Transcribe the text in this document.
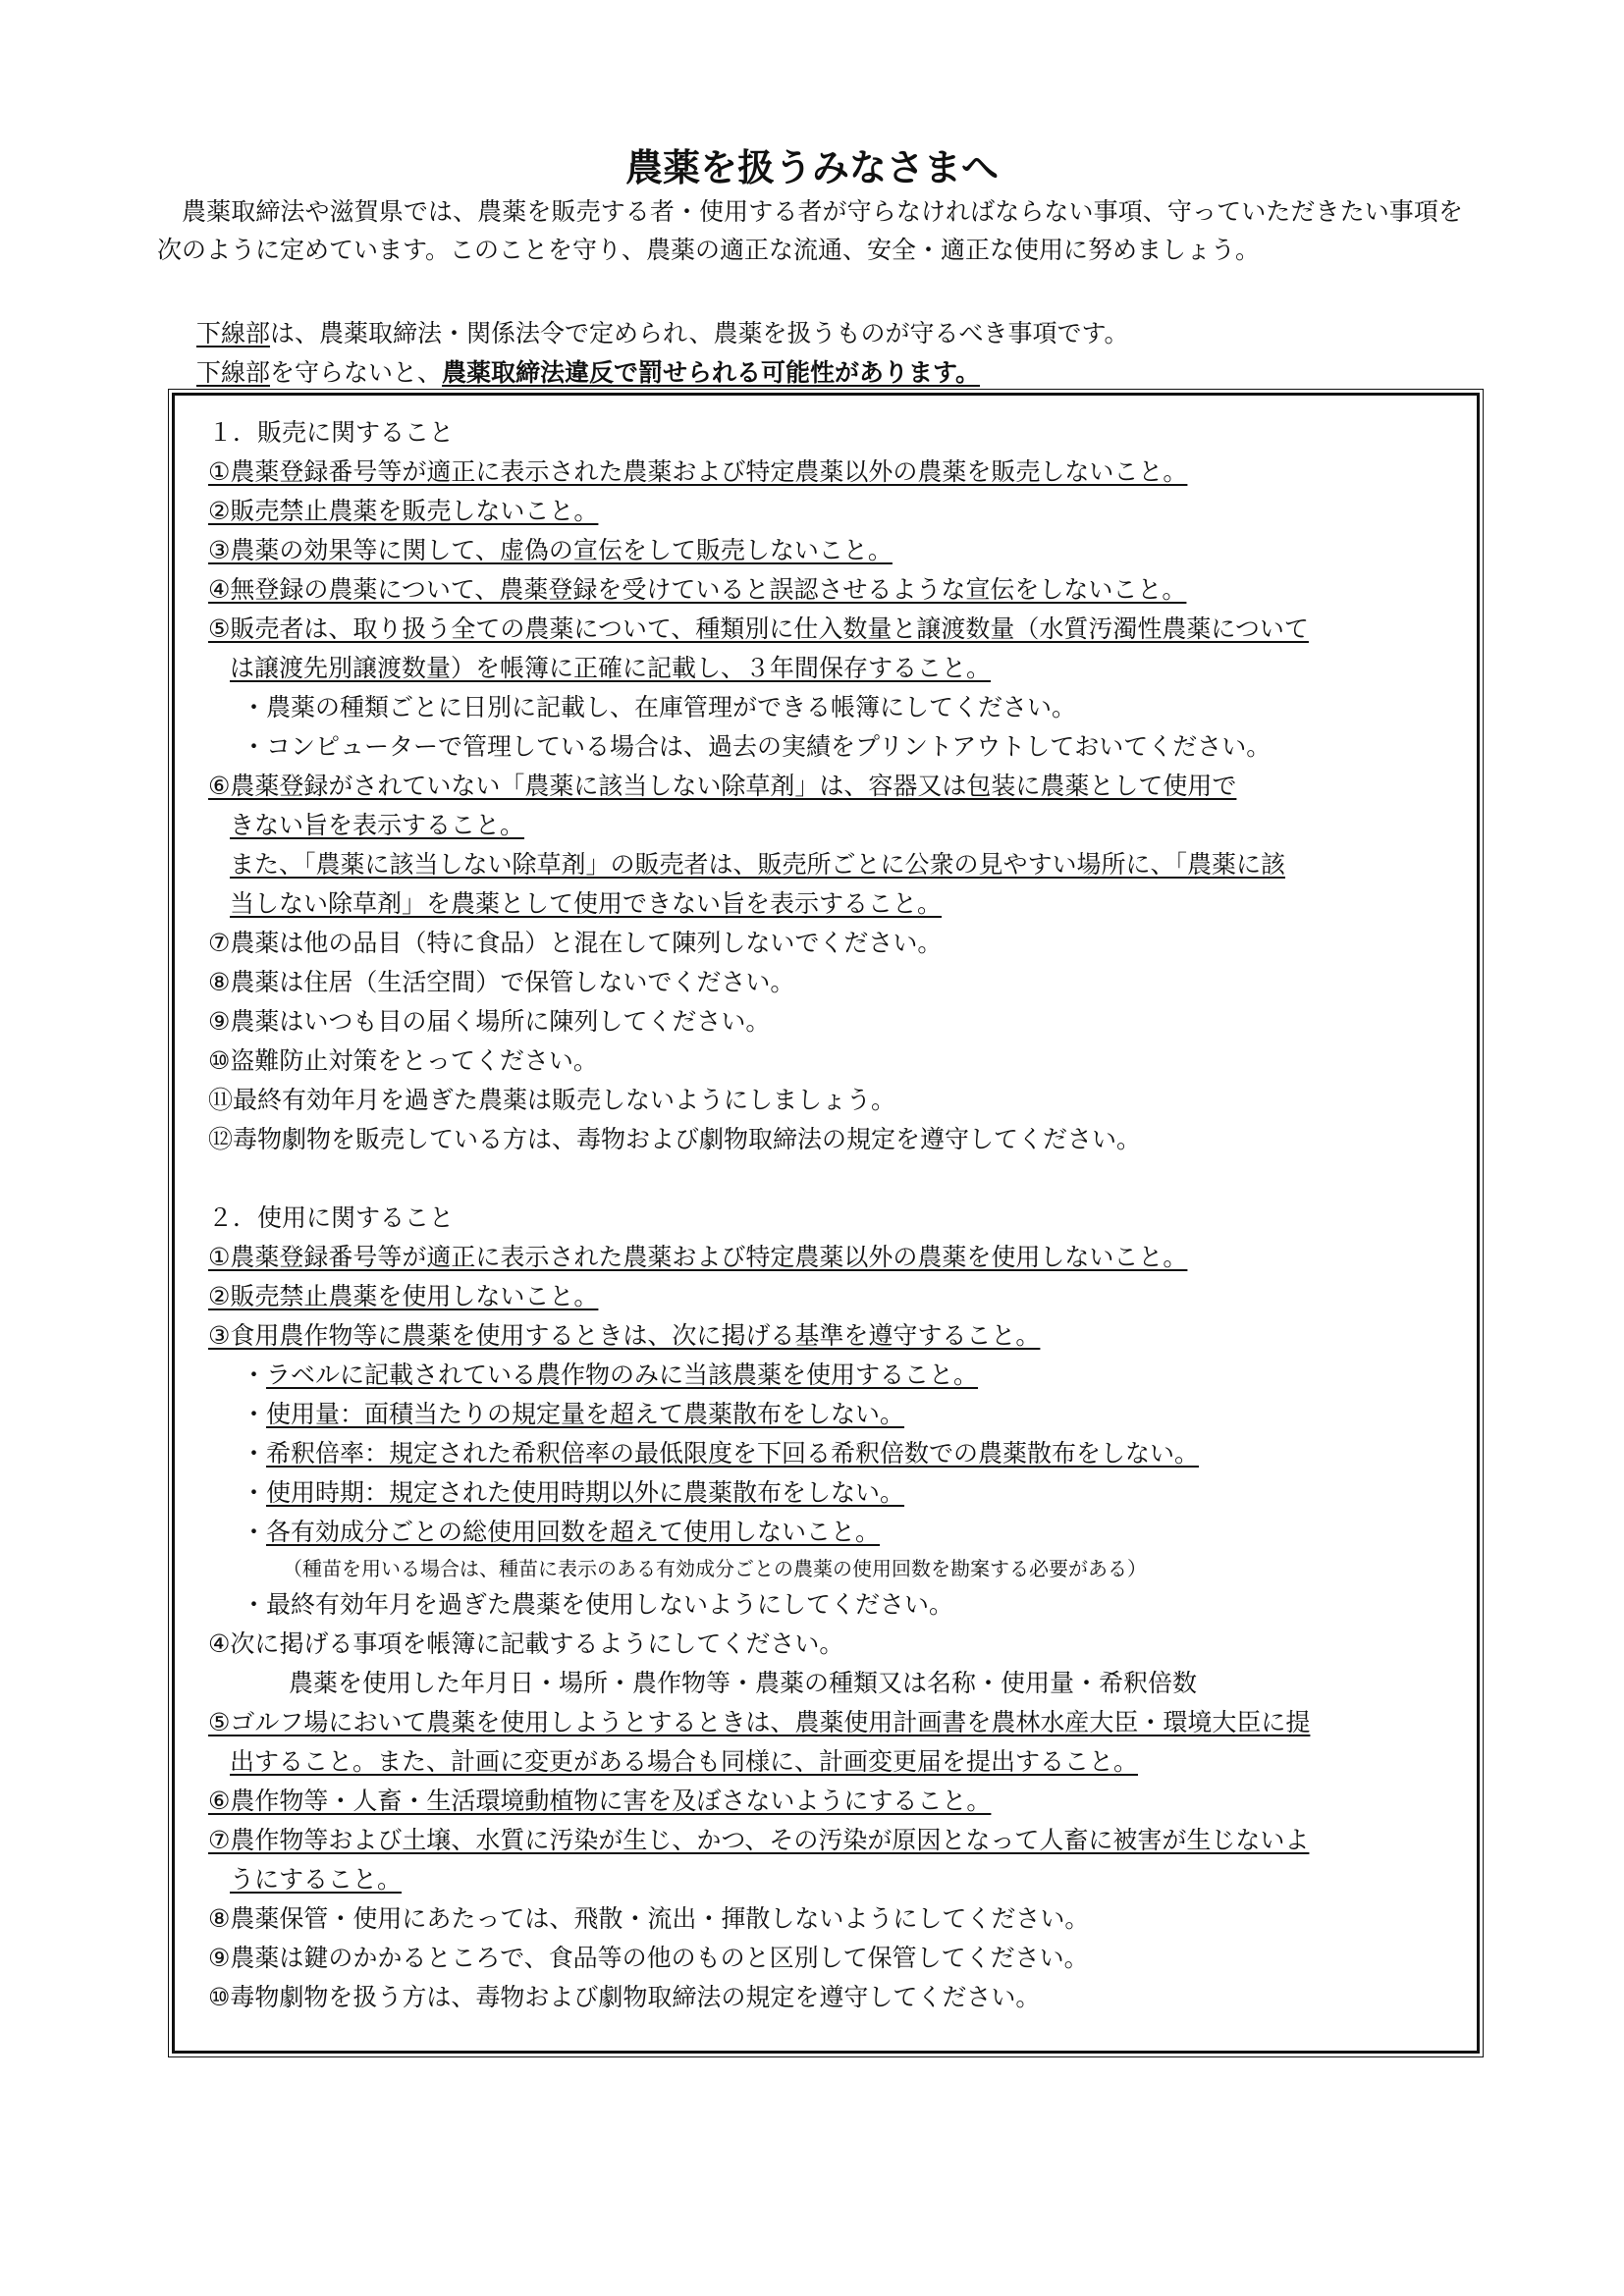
農薬を扱うみなさまへ
農薬取締法や滋賀県では、農薬を販売する者・使用する者が守らなければならない事項、守っていただきたい事項を次のように定めています。このことを守り、農薬の適正な流通、安全・適正な使用に努めましょう。
下線部は、農薬取締法・関係法令で定められ、農薬を扱うものが守るべき事項です。
下線部を守らないと、農薬取締法違反で罰せられる可能性があります。
１．販売に関すること
①農薬登録番号等が適正に表示された農薬および特定農薬以外の農薬を販売しないこと。
②販売禁止農薬を販売しないこと。
③農薬の効果等に関して、虚偽の宣伝をして販売しないこと。
④無登録の農薬について、農薬登録を受けていると誤認させるような宣伝をしないこと。
⑤販売者は、取り扱う全ての農薬について、種類別に仕入数量と譲渡数量（水質汚濁性農薬について
は譲渡先別譲渡数量）を帳簿に正確に記載し、３年間保存すること。
・農薬の種類ごとに日別に記載し、在庫管理ができる帳簿にしてください。
・コンピューターで管理している場合は、過去の実績をプリントアウトしておいてください。
⑥農薬登録がされていない「農薬に該当しない除草剤」は、容器又は包装に農薬として使用で
きない旨を表示すること。
また、「農薬に該当しない除草剤」の販売者は、販売所ごとに公衆の見やすい場所に、「農薬に該
当しない除草剤」を農薬として使用できない旨を表示すること。
⑦農薬は他の品目（特に食品）と混在して陳列しないでください。
⑧農薬は住居（生活空間）で保管しないでください。
⑨農薬はいつも目の届く場所に陳列してください。
⑩盗難防止対策をとってください。
⑪最終有効年月を過ぎた農薬は販売しないようにしましょう。
⑫毒物劇物を販売している方は、毒物および劇物取締法の規定を遵守してください。
２．使用に関すること
①農薬登録番号等が適正に表示された農薬および特定農薬以外の農薬を使用しないこと。
②販売禁止農薬を使用しないこと。
③食用農作物等に農薬を使用するときは、次に掲げる基準を遵守すること。
・ラベルに記載されている農作物のみに当該農薬を使用すること。
・使用量：面積当たりの規定量を超えて農薬散布をしない。
・希釈倍率：規定された希釈倍率の最低限度を下回る希釈倍数での農薬散布をしない。
・使用時期：規定された使用時期以外に農薬散布をしない。
・各有効成分ごとの総使用回数を超えて使用しないこと。
（種苗を用いる場合は、種苗に表示のある有効成分ごとの農薬の使用回数を勘案する必要がある）
・最終有効年月を過ぎた農薬を使用しないようにしてください。
④次に掲げる事項を帳簿に記載するようにしてください。
農薬を使用した年月日・場所・農作物等・農薬の種類又は名称・使用量・希釈倍数
⑤ゴルフ場において農薬を使用しようとするときは、農薬使用計画書を農林水産大臣・環境大臣に提
出すること。また、計画に変更がある場合も同様に、計画変更届を提出すること。
⑥農作物等・人畜・生活環境動植物に害を及ぼさないようにすること。
⑦農作物等および土壌、水質に汚染が生じ、かつ、その汚染が原因となって人畜に被害が生じないよ
うにすること。
⑧農薬保管・使用にあたっては、飛散・流出・揮散しないようにしてください。
⑨農薬は鍵のかかるところで、食品等の他のものと区別して保管してください。
⑩毒物劇物を扱う方は、毒物および劇物取締法の規定を遵守してください。
